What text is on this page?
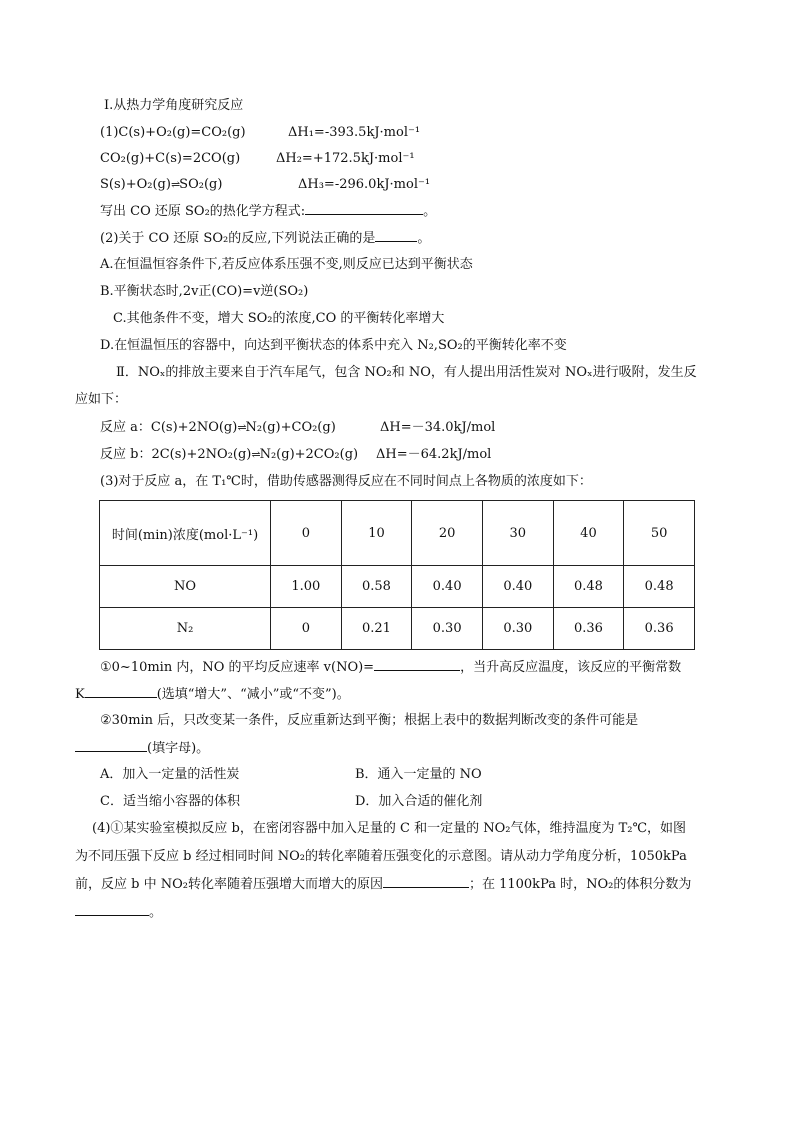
Ⅰ.从热力学角度研究反应
(1)C(s)+O₂(g)=CO₂(g)	ΔH₁=-393.5kJ·mol⁻¹
CO₂(g)+C(s)=2CO(g)	ΔH₂=+172.5kJ·mol⁻¹
S(s)+O₂(g)⇌SO₂(g)	ΔH₃=-296.0kJ·mol⁻¹
写出 CO 还原 SO₂的热化学方程式:	。
(2)关于 CO 还原 SO₂的反应,下列说法正确的是	。
A.在恒温恒容条件下,若反应体系压强不变,则反应已达到平衡状态
B.平衡状态时,2v正(CO)=v逆(SO₂)
C.其他条件不变，增大 SO₂的浓度,CO 的平衡转化率增大
D.在恒温恒压的容器中，向达到平衡状态的体系中充入 N₂,SO₂的平衡转化率不变
Ⅱ．NOₓ的排放主要来自于汽车尾气，包含 NO₂和 NO，有人提出用活性炭对 NOₓ进行吸附，发生反
应如下：
反应 a：C(s)+2NO(g)⇌N₂(g)+CO₂(g)	ΔH=－34.0kJ/mol
反应 b：2C(s)+2NO₂(g)⇌N₂(g)+2CO₂(g) ΔH=－64.2kJ/mol
(3)对于反应 a，在 T₁℃时，借助传感器测得反应在不同时间点上各物质的浓度如下：
时间(min)浓度(mol·L⁻¹)	0	10	20	30	40	50
NO	1.00	0.58	0.40	0.40	0.48	0.48
N₂	0	0.21	0.30	0.30	0.36	0.36
①0~10min 内，NO 的平均反应速率 v(NO)=	，当升高反应温度，该反应的平衡常数
K	(选填“增大”、“减小”或“不变”)。
②30min 后，只改变某一条件，反应重新达到平衡；根据上表中的数据判断改变的条件可能是
(填字母)。
A．加入一定量的活性炭	B．通入一定量的 NO
C．适当缩小容器的体积	D．加入合适的催化剂
(4)①某实验室模拟反应 b，在密闭容器中加入足量的 C 和一定量的 NO₂气体，维持温度为 T₂℃，如图
为不同压强下反应 b 经过相同时间 NO₂的转化率随着压强变化的示意图。请从动力学角度分析，1050kPa
前，反应 b 中 NO₂转化率随着压强增大而增大的原因	；在 1100kPa 时，NO₂的体积分数为
。
